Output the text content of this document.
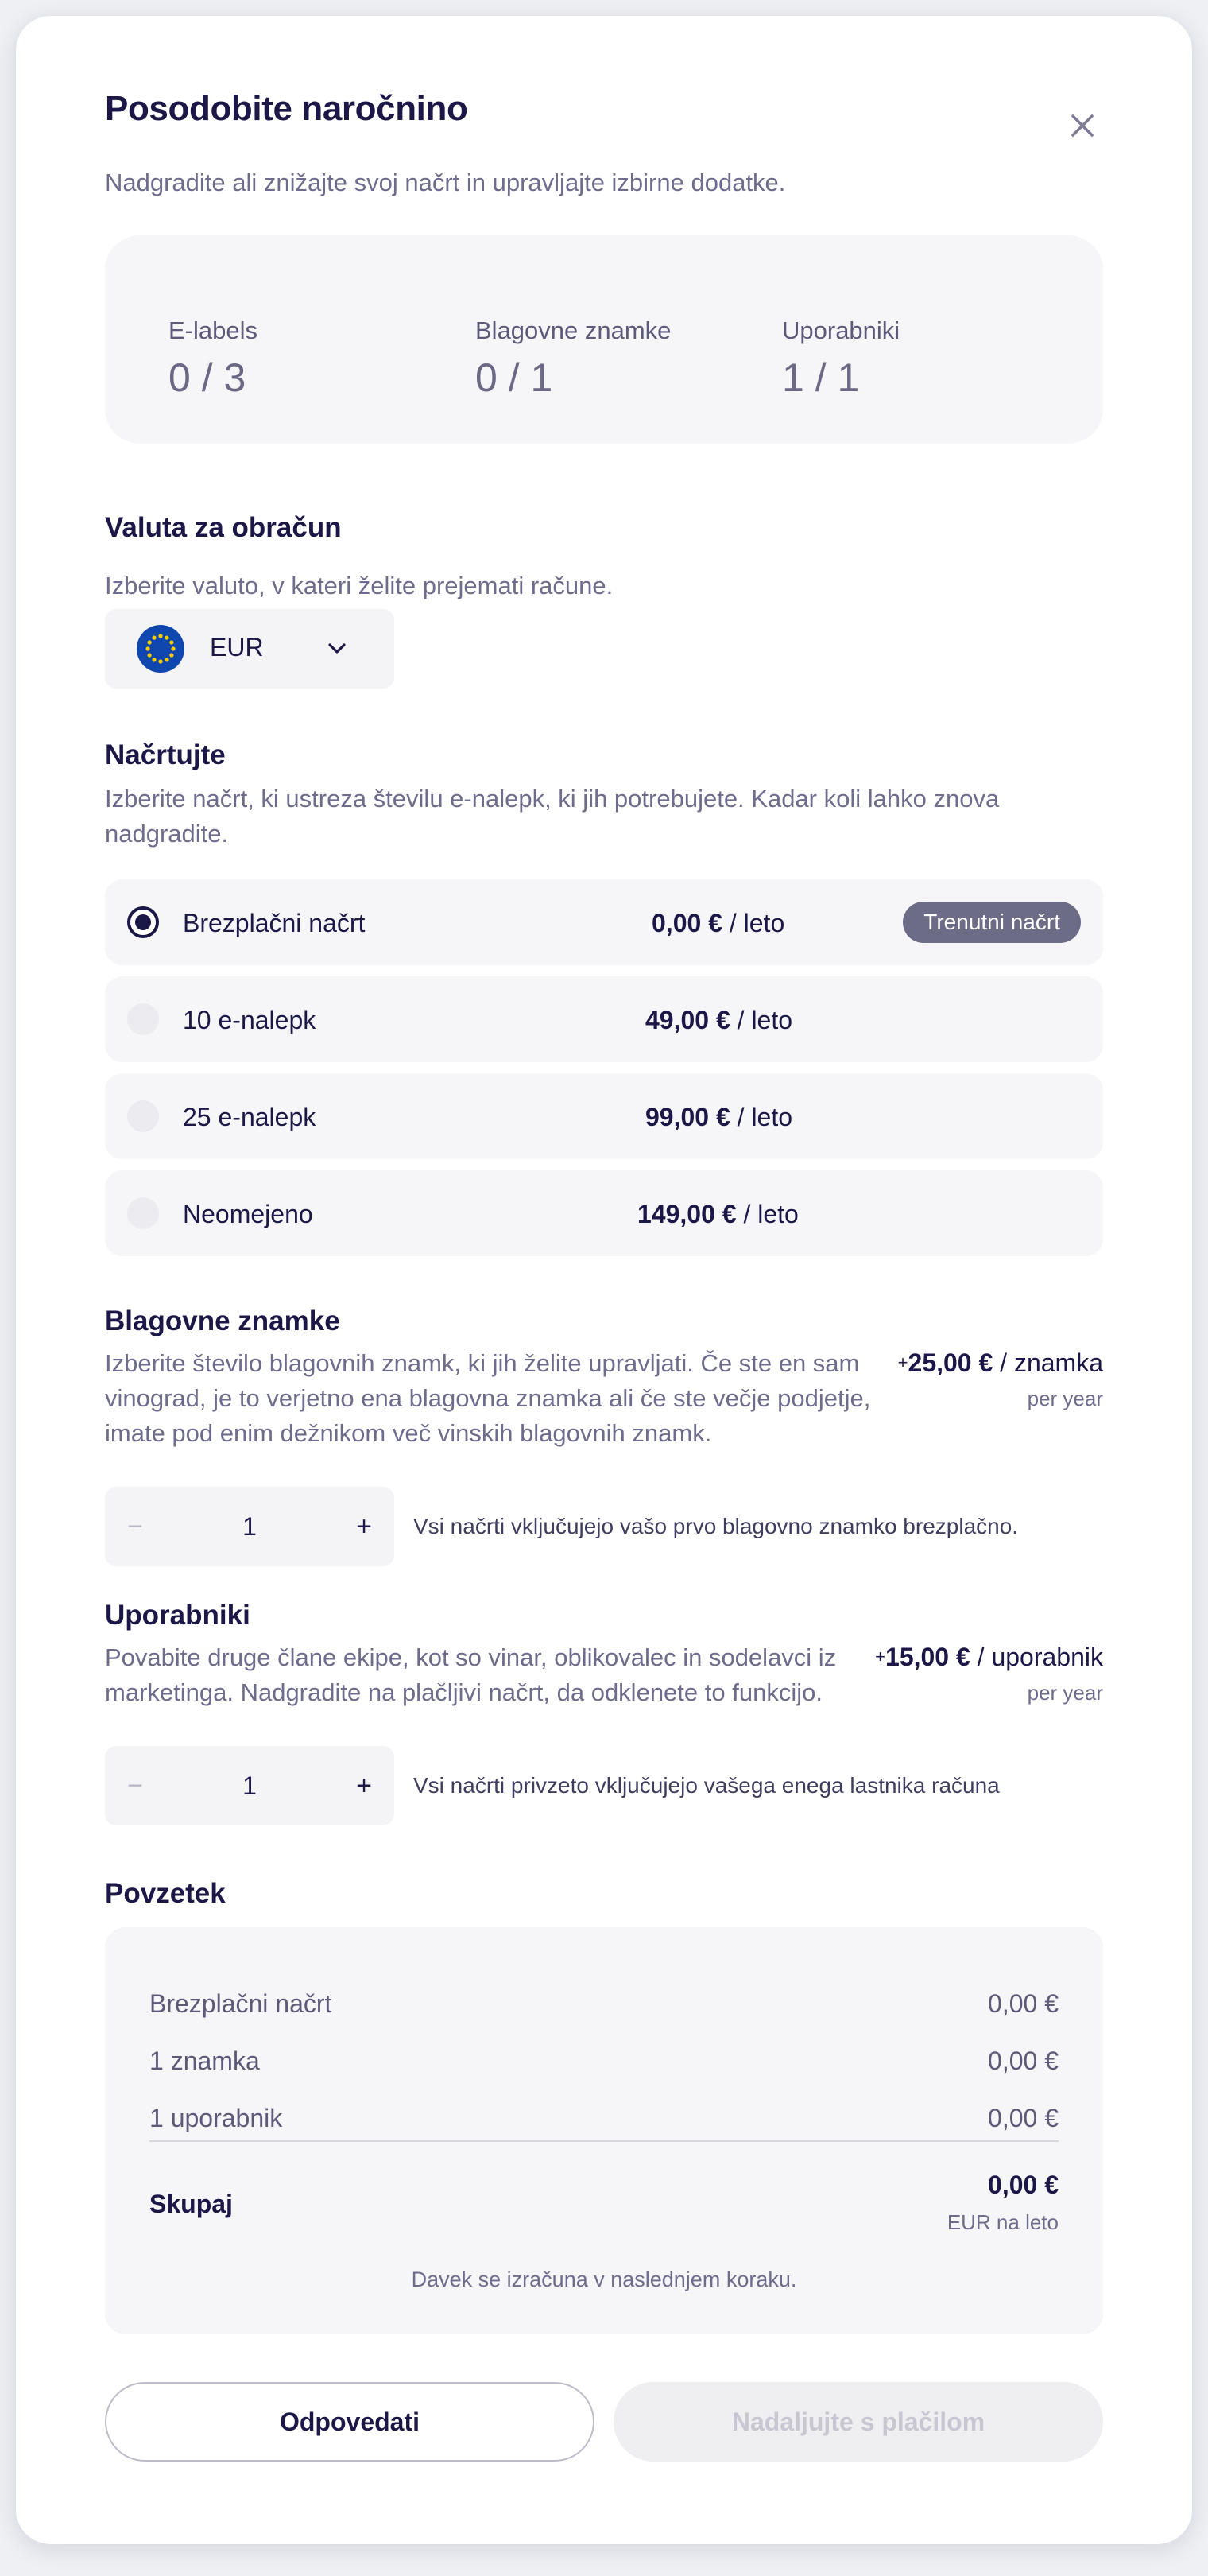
Posodobite naročnino
Nadgradite ali znižajte svoj načrt in upravljajte izbirne dodatke.
E-labels
0 / 3
Blagovne znamke
0 / 1
Uporabniki
1 / 1
Valuta za obračun
Izberite valuto, v kateri želite prejemati račune.
EUR
Načrtujte
Izberite načrt, ki ustreza številu e-nalepk, ki jih potrebujete. Kadar koli lahko znova
nadgradite.
Brezplačni načrt	0,00 € / leto	Trenutni načrt
10 e-nalepk	49,00 € / leto
25 e-nalepk	99,00 € / leto
Neomejeno	149,00 € / leto
Blagovne znamke
Izberite število blagovnih znamk, ki jih želite upravljati. Če ste en sam
vinograd, je to verjetno ena blagovna znamka ali če ste večje podjetje,
imate pod enim dežnikom več vinskih blagovnih znamk.
+25,00 € / znamka
per year
−	1	+	Vsi načrti vključujejo vašo prvo blagovno znamko brezplačno.
Uporabniki
Povabite druge člane ekipe, kot so vinar, oblikovalec in sodelavci iz
marketinga. Nadgradite na plačljivi načrt, da odklenete to funkcijo.
+15,00 € / uporabnik
per year
−	1	+	Vsi načrti privzeto vključujejo vašega enega lastnika računa
Povzetek
Brezplačni načrt	0,00 €
1 znamka	0,00 €
1 uporabnik	0,00 €
Skupaj
0,00 €
EUR na leto
Davek se izračuna v naslednjem koraku.
Odpovedati	Nadaljujte s plačilom
